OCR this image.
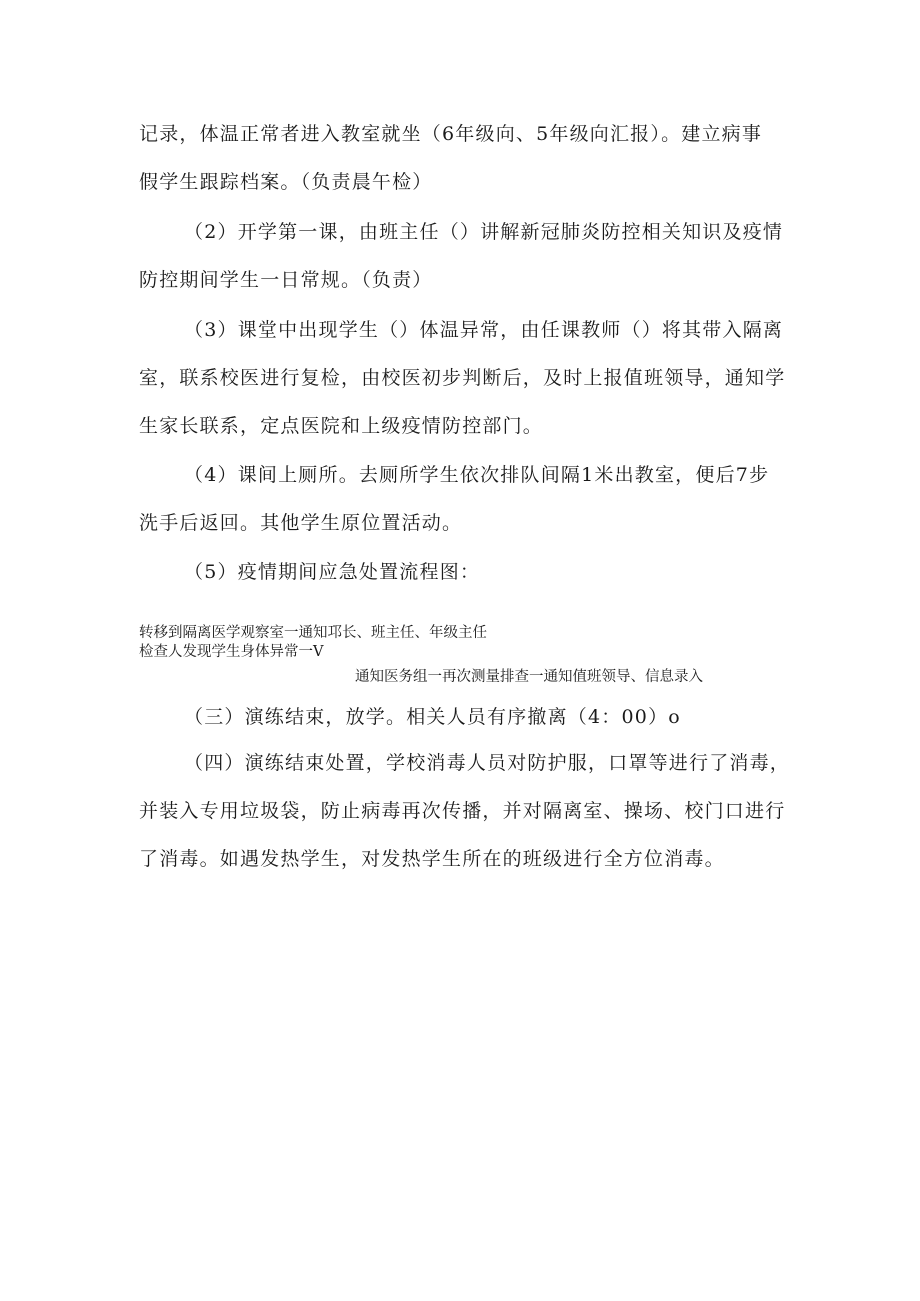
记录，体温正常者进入教室就坐（6年级向、5年级向汇报）。建立病事
假学生跟踪档案。（负责晨午检）
（2）开学第一课，由班主任（）讲解新冠肺炎防控相关知识及疫情
防控期间学生一日常规。（负责）
（3）课堂中出现学生（）体温异常，由任课教师（）将其带入隔离
室，联系校医进行复检，由校医初步判断后，及时上报值班领导，通知学
生家长联系，定点医院和上级疫情防控部门。
（4）课间上厕所。去厕所学生依次排队间隔1米出教室，便后7步
洗手后返回。其他学生原位置活动。
（5）疫情期间应急处置流程图：
转移到隔离医学观察室一通知邛长、班主任、年级主任
检查人发现学生身体异常一V
通知医务组一再次测量排查一通知值班领导、信息录入
（三）演练结束，放学。相关人员有序撤离（4：00）o
（四）演练结束处置，学校消毒人员对防护服，口罩等进行了消毒，
并装入专用垃圾袋，防止病毒再次传播，并对隔离室、操场、校门口进行
了消毒。如遇发热学生，对发热学生所在的班级进行全方位消毒。
